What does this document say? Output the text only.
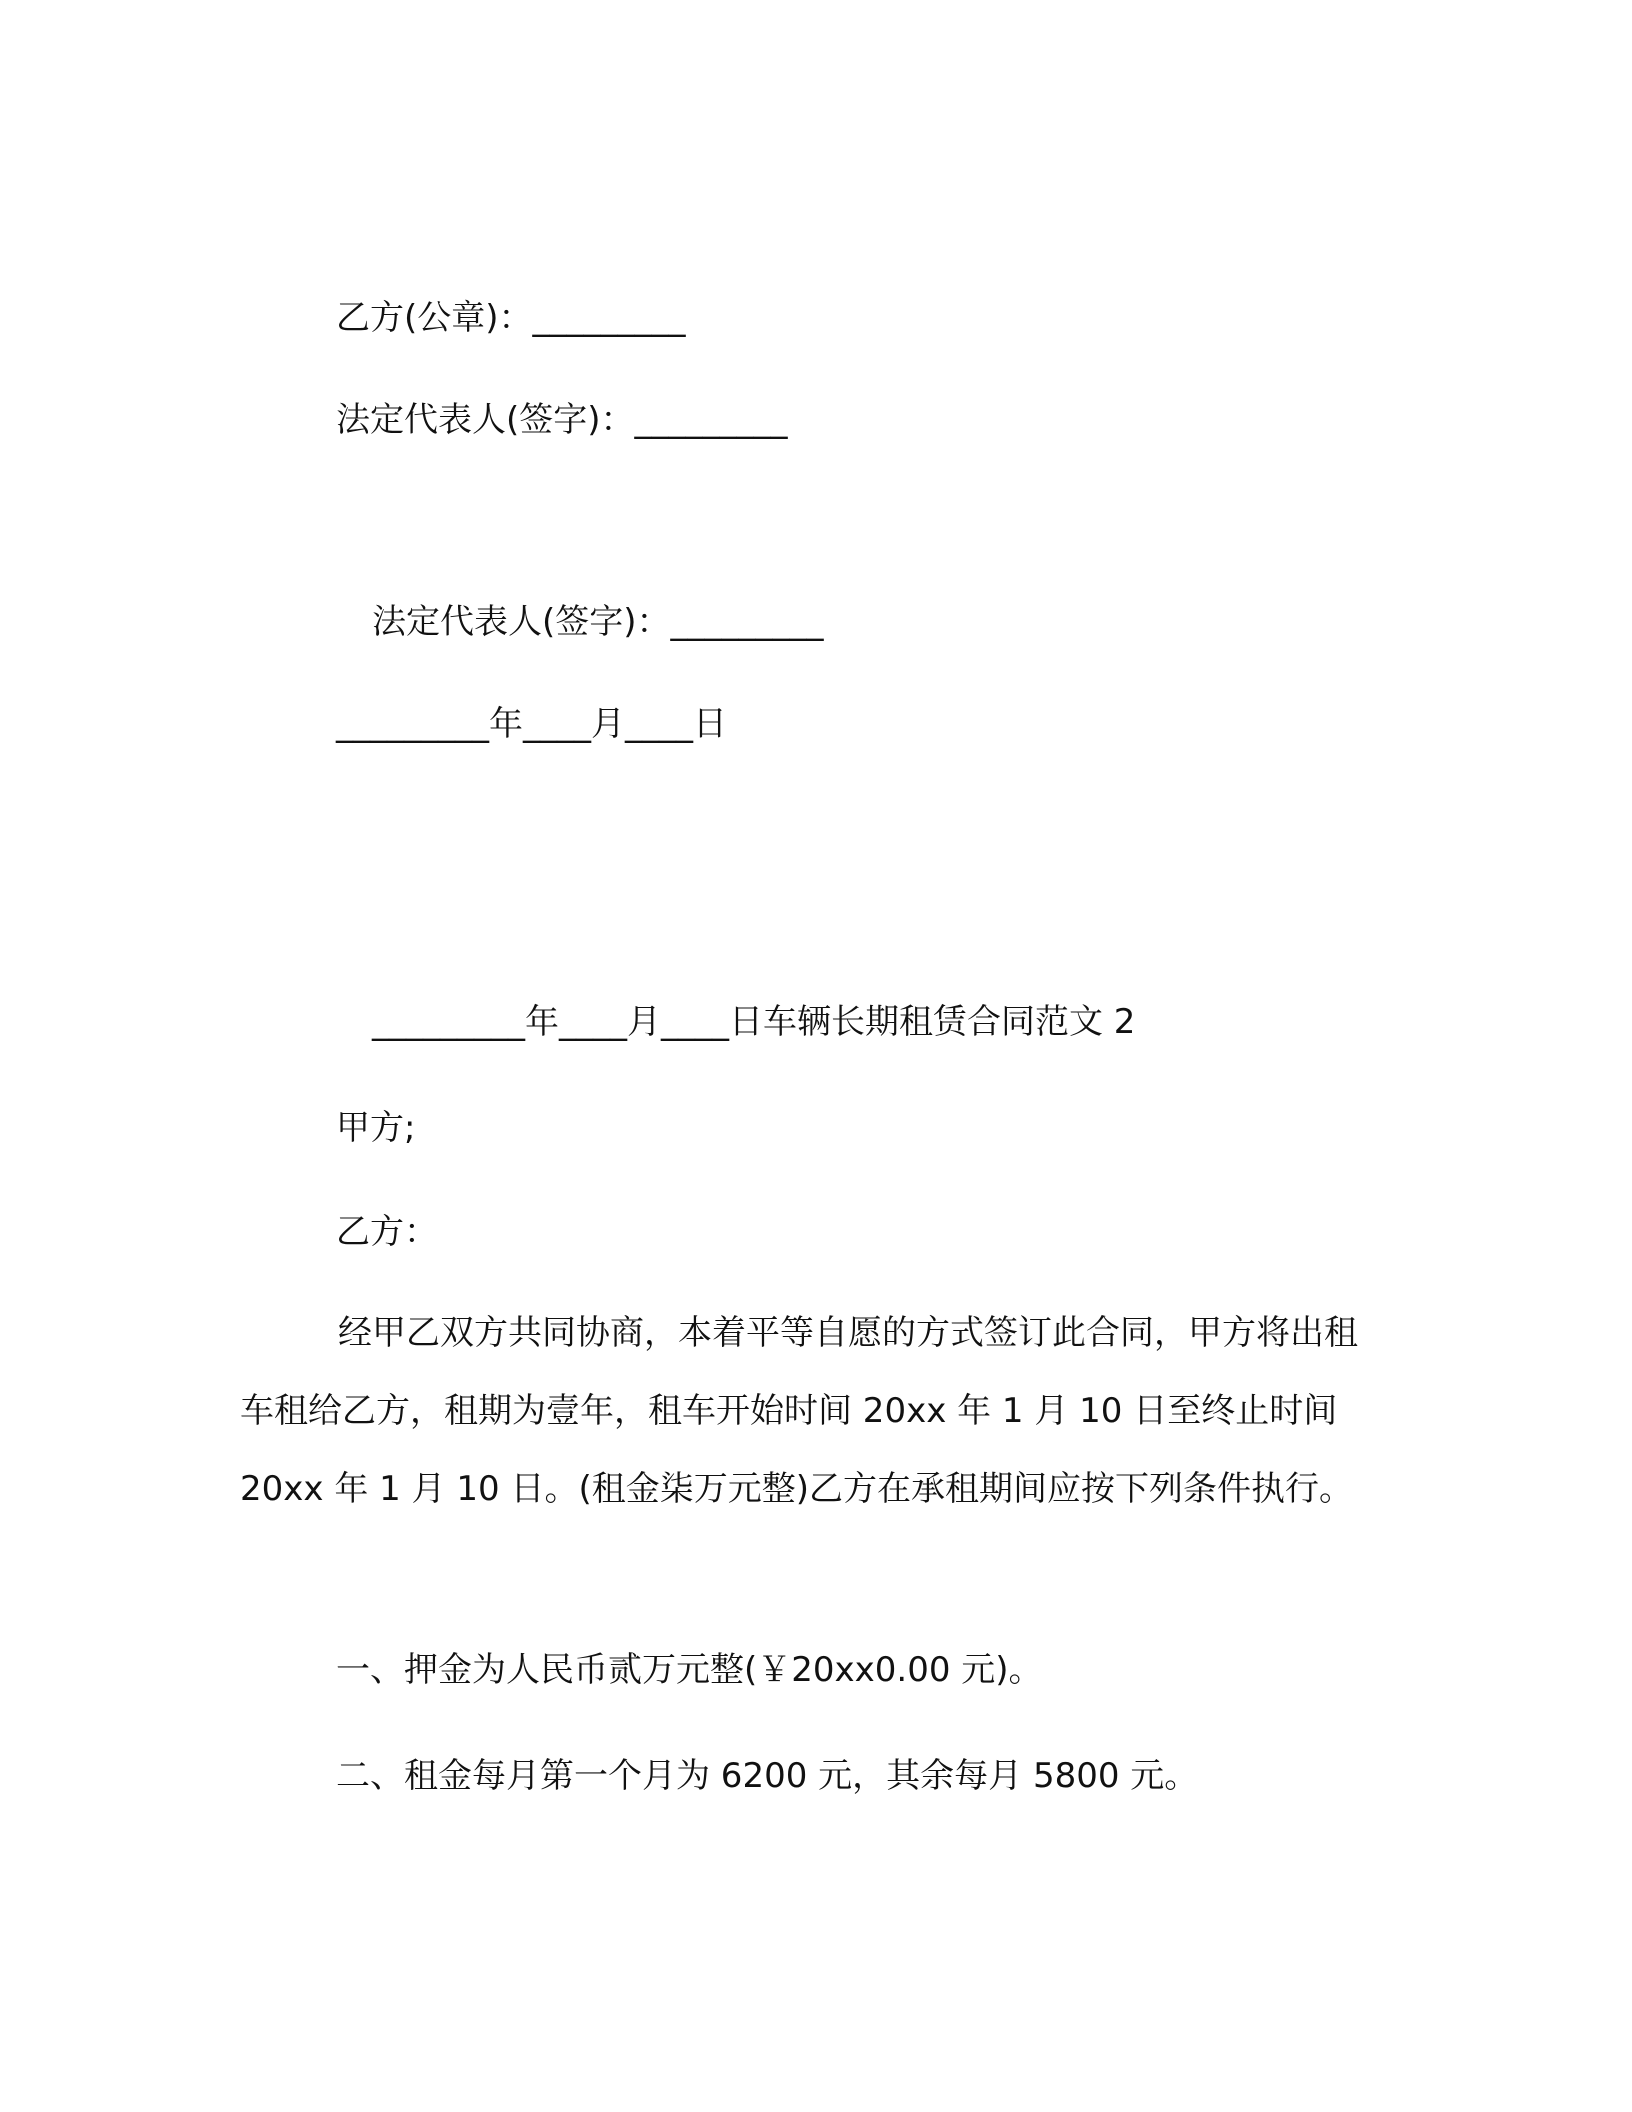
乙方(公章)：_________
法定代表人(签字)：_________
法定代表人(签字)：_________
_________年____月____日
_________年____月____日车辆长期租赁合同范文 2
甲方;
乙方：
经甲乙双方共同协商，本着平等自愿的方式签订此合同，甲方将出租车租给乙方，租期为壹年，租车开始时间 20xx 年 1 月 10 日至终止时间 20xx 年 1 月 10 日。(租金柒万元整)乙方在承租期间应按下列条件执行。
一、押金为人民币贰万元整(￥20xx0.00 元)。
二、租金每月第一个月为 6200 元，其余每月 5800 元。
